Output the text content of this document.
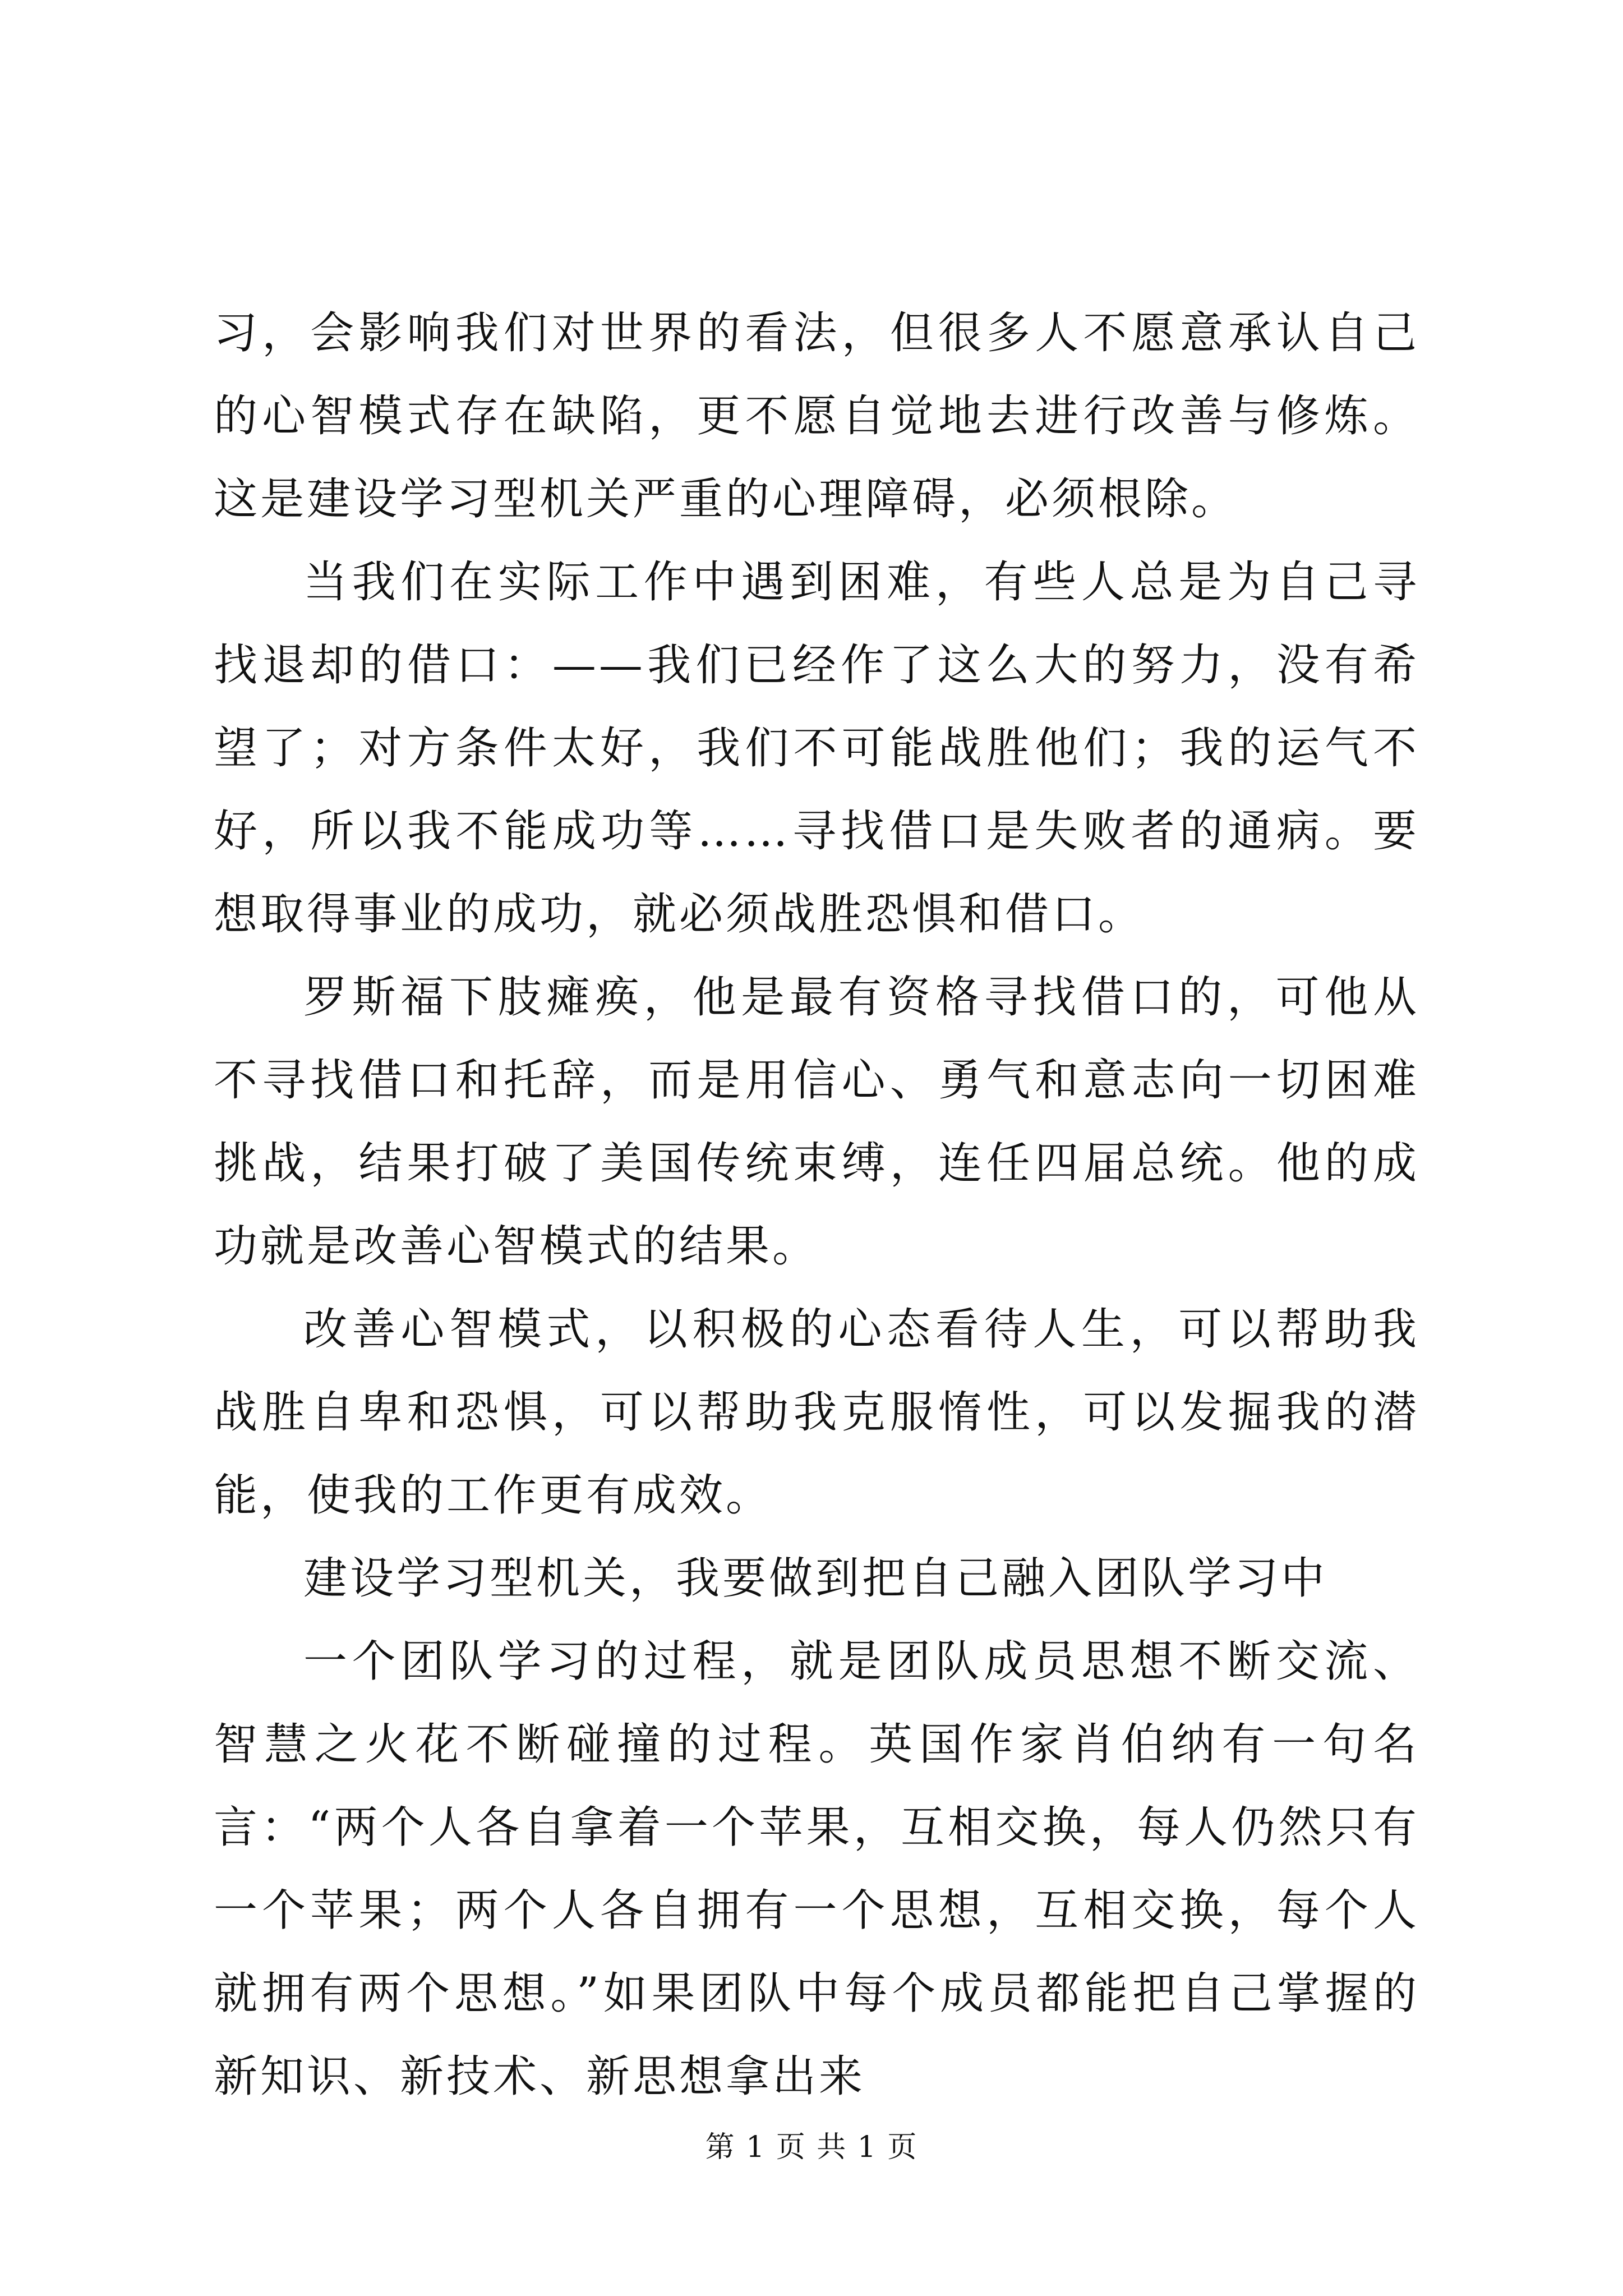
习，会影响我们对世界的看法，但很多人不愿意承认自己的心智模式存在缺陷，更不愿自觉地去进行改善与修炼。这是建设学习型机关严重的心理障碍，必须根除。

当我们在实际工作中遇到困难，有些人总是为自己寻找退却的借口：——我们已经作了这么大的努力，没有希望了；对方条件太好，我们不可能战胜他们；我的运气不好，所以我不能成功等……寻找借口是失败者的通病。要想取得事业的成功，就必须战胜恐惧和借口。

罗斯福下肢瘫痪，他是最有资格寻找借口的，可他从不寻找借口和托辞，而是用信心、勇气和意志向一切困难挑战，结果打破了美国传统束缚，连任四届总统。他的成功就是改善心智模式的结果。

改善心智模式，以积极的心态看待人生，可以帮助我战胜自卑和恐惧，可以帮助我克服惰性，可以发掘我的潜能，使我的工作更有成效。

建设学习型机关，我要做到把自己融入团队学习中

一个团队学习的过程，就是团队成员思想不断交流、智慧之火花不断碰撞的过程。英国作家肖伯纳有一句名言：“两个人各自拿着一个苹果，互相交换，每人仍然只有一个苹果；两个人各自拥有一个思想，互相交换，每个人就拥有两个思想。”如果团队中每个成员都能把自己掌握的新知识、新技术、新思想拿出来

第 1 页 共 1 页
